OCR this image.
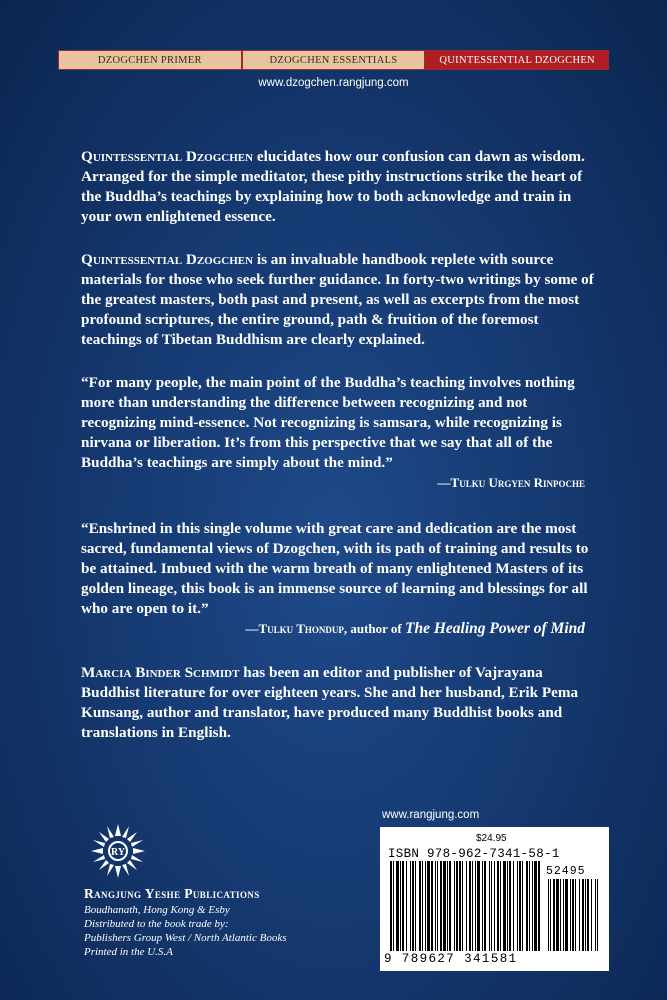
DZOGCHEN PRIMER	DZOGCHEN ESSENTIALS	QUINTESSENTIAL DZOGCHEN
www.dzogchen.rangjung.com

Quintessential Dzogchen elucidates how our confusion can dawn as wisdom. Arranged for the simple meditator, these pithy instructions strike the heart of the Buddha’s teachings by explaining how to both acknowledge and train in your own enlightened essence.

Quintessential Dzogchen is an invaluable handbook replete with source materials for those who seek further guidance. In forty-two writings by some of the greatest masters, both past and present, as well as excerpts from the most profound scriptures, the entire ground, path & fruition of the foremost teachings of Tibetan Buddhism are clearly explained.

“For many people, the main point of the Buddha’s teaching involves nothing more than understanding the difference between recognizing and not recognizing mind-essence. Not recognizing is samsara, while recognizing is nirvana or liberation. It’s from this perspective that we say that all of the Buddha’s teachings are simply about the mind.”

—Tulku Urgyen Rinpoche

“Enshrined in this single volume with great care and dedication are the most sacred, fundamental views of Dzogchen, with its path of training and results to be attained. Imbued with the warm breath of many enlightened Masters of its golden lineage, this book is an immense source of learning and blessings for all who are open to it.”

—Tulku Thondup, author of The Healing Power of Mind

Marcia Binder Schmidt has been an editor and publisher of Vajrayana Buddhist literature for over eighteen years. She and her husband, Erik Pema Kunsang, author and translator, have produced many Buddhist books and translations in English.

RY
Rangjung Yeshe Publications
Boudhanath, Hong Kong & Esby
Distributed to the book trade by:
Publishers Group West / North Atlantic Books
Printed in the U.S.A
www.rangjung.com
$24.95
ISBN 978-962-7341-58-1
52495
9 789627 341581
